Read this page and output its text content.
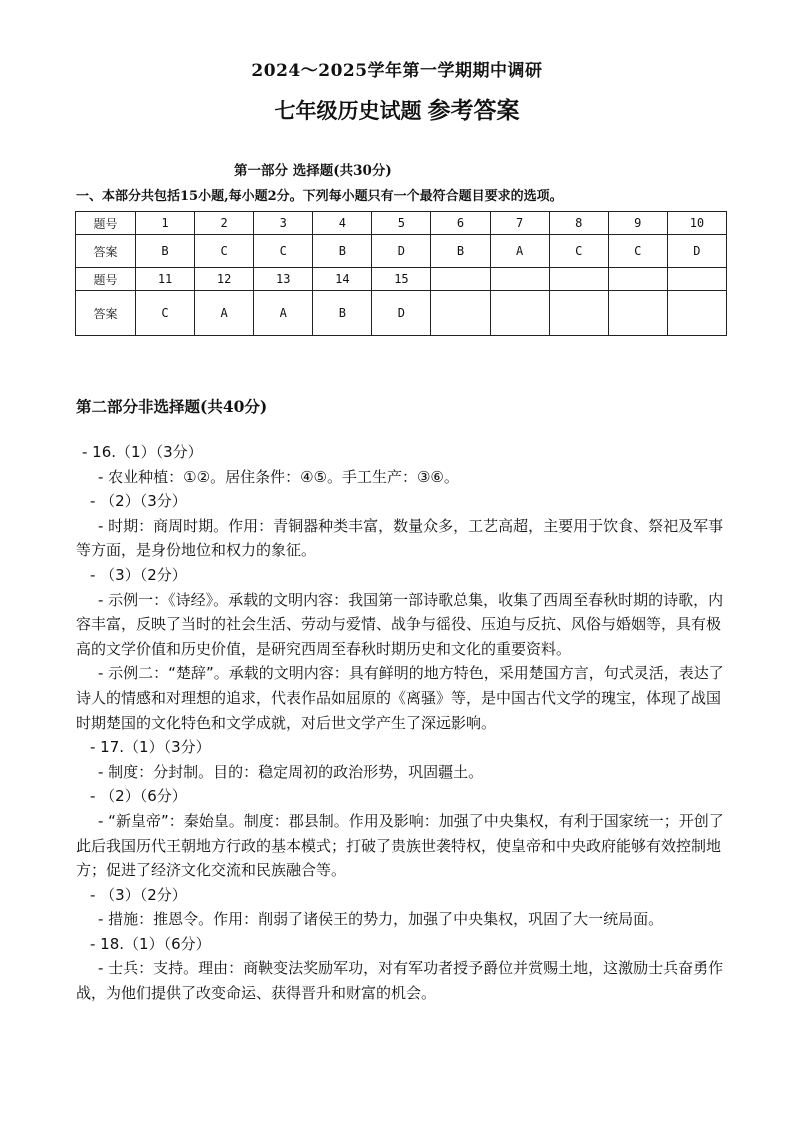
2024～2025学年第一学期期中调研
七年级历史试题 参考答案
第一部分 选择题(共30分)
一、本部分共包括15小题,每小题2分。下列每小题只有一个最符合题目要求的选项。
题号	1	2	3	4	5	6	7	8	9	10
答案	B	C	C	B	D	B	A	C	C	D
题号	11	12	13	14	15					
答案	C	A	A	B	D					
第二部分非选择题(共40分)

- 16.（1）（3分）

- 农业种植：①②。居住条件：④⑤。手工生产：③⑥。

- （2）（3分）

- 时期：商周时期。作用：青铜器种类丰富，数量众多，工艺高超，主要用于饮食、祭祀及军事等方面，是身份地位和权力的象征。

- （3）（2分）

- 示例一：《诗经》。承载的文明内容：我国第一部诗歌总集，收集了西周至春秋时期的诗歌，内容丰富，反映了当时的社会生活、劳动与爱情、战争与徭役、压迫与反抗、风俗与婚姻等，具有极高的文学价值和历史价值，是研究西周至春秋时期历史和文化的重要资料。

- 示例二：“楚辞”。承载的文明内容：具有鲜明的地方特色，采用楚国方言，句式灵活，表达了诗人的情感和对理想的追求，代表作品如屈原的《离骚》等，是中国古代文学的瑰宝，体现了战国时期楚国的文化特色和文学成就，对后世文学产生了深远影响。

- 17.（1）（3分）

- 制度：分封制。目的：稳定周初的政治形势，巩固疆土。

- （2）（6分）

- “新皇帝”：秦始皇。制度：郡县制。作用及影响：加强了中央集权，有利于国家统一；开创了此后我国历代王朝地方行政的基本模式；打破了贵族世袭特权，使皇帝和中央政府能够有效控制地方；促进了经济文化交流和民族融合等。

- （3）（2分）

- 措施：推恩令。作用：削弱了诸侯王的势力，加强了中央集权，巩固了大一统局面。

- 18.（1）（6分）

- 士兵：支持。理由：商鞅变法奖励军功，对有军功者授予爵位并赏赐土地，这激励士兵奋勇作战，为他们提供了改变命运、获得晋升和财富的机会。
